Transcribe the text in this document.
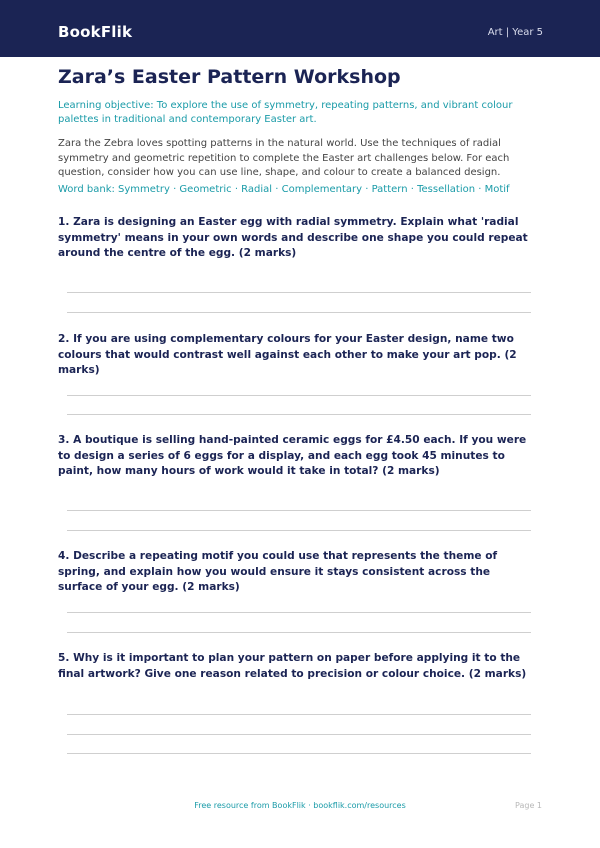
BookFlik	Art | Year 5
Zara’s Easter Pattern Workshop

Learning objective: To explore the use of symmetry, repeating patterns, and vibrant colour palettes in traditional and contemporary Easter art.

Zara the Zebra loves spotting patterns in the natural world. Use the techniques of radial symmetry and geometric repetition to complete the Easter art challenges below. For each question, consider how you can use line, shape, and colour to create a balanced design.

Word bank: Symmetry · Geometric · Radial · Complementary · Pattern · Tessellation · Motif

1. Zara is designing an Easter egg with radial symmetry. Explain what 'radial symmetry' means in your own words and describe one shape you could repeat around the centre of the egg. (2 marks)

2. If you are using complementary colours for your Easter design, name two colours that would contrast well against each other to make your art pop. (2 marks)

3. A boutique is selling hand-painted ceramic eggs for £4.50 each. If you were to design a series of 6 eggs for a display, and each egg took 45 minutes to paint, how many hours of work would it take in total? (2 marks)

4. Describe a repeating motif you could use that represents the theme of spring, and explain how you would ensure it stays consistent across the surface of your egg. (2 marks)

5. Why is it important to plan your pattern on paper before applying it to the final artwork? Give one reason related to precision or colour choice. (2 marks)

Free resource from BookFlik · bookflik.com/resources	Page 1
